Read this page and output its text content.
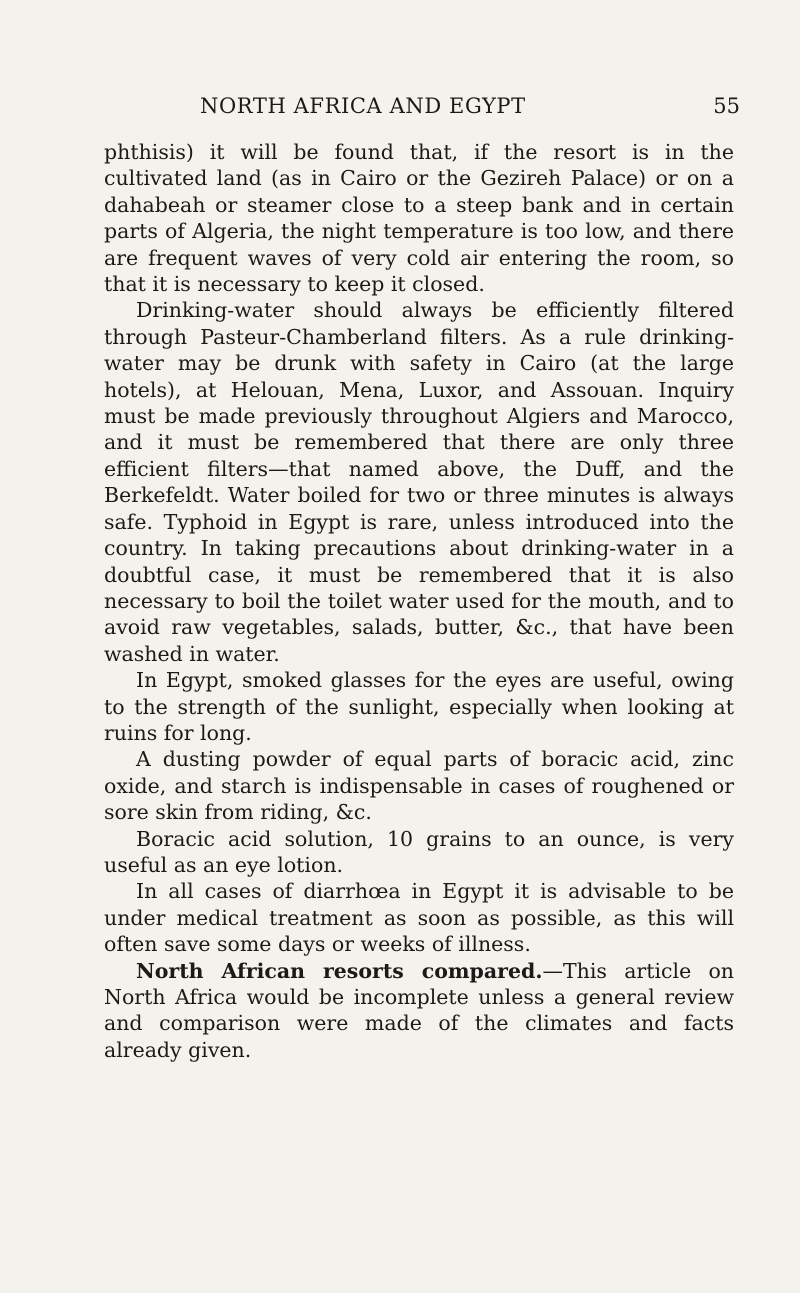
NORTH AFRICA AND EGYPT	55

phthisis) it will be found that, if the resort is in the cultivated land (as in Cairo or the Gezireh Palace) or on a dahabeah or steamer close to a steep bank and in certain parts of Algeria, the night temperature is too low, and there are frequent waves of very cold air entering the room, so that it is necessary to keep it closed.

Drinking-water should always be efficiently filtered through Pasteur-Chamberland filters. As a rule drinking-water may be drunk with safety in Cairo (at the large hotels), at Helouan, Mena, Luxor, and Assouan. Inquiry must be made previously throughout Algiers and Marocco, and it must be remembered that there are only three efficient filters—that named above, the Duff, and the Berkefeldt. Water boiled for two or three minutes is always safe. Typhoid in Egypt is rare, unless introduced into the country. In taking precautions about drinking-water in a doubtful case, it must be remembered that it is also necessary to boil the toilet water used for the mouth, and to avoid raw vegetables, salads, butter, &c., that have been washed in water.

In Egypt, smoked glasses for the eyes are useful, owing to the strength of the sunlight, especially when looking at ruins for long.

A dusting powder of equal parts of boracic acid, zinc oxide, and starch is indispensable in cases of roughened or sore skin from riding, &c.

Boracic acid solution, 10 grains to an ounce, is very useful as an eye lotion.

In all cases of diarrhœa in Egypt it is advisable to be under medical treatment as soon as possible, as this will often save some days or weeks of illness.

North African resorts compared.—This article on North Africa would be incomplete unless a general review and comparison were made of the climates and facts already given.
